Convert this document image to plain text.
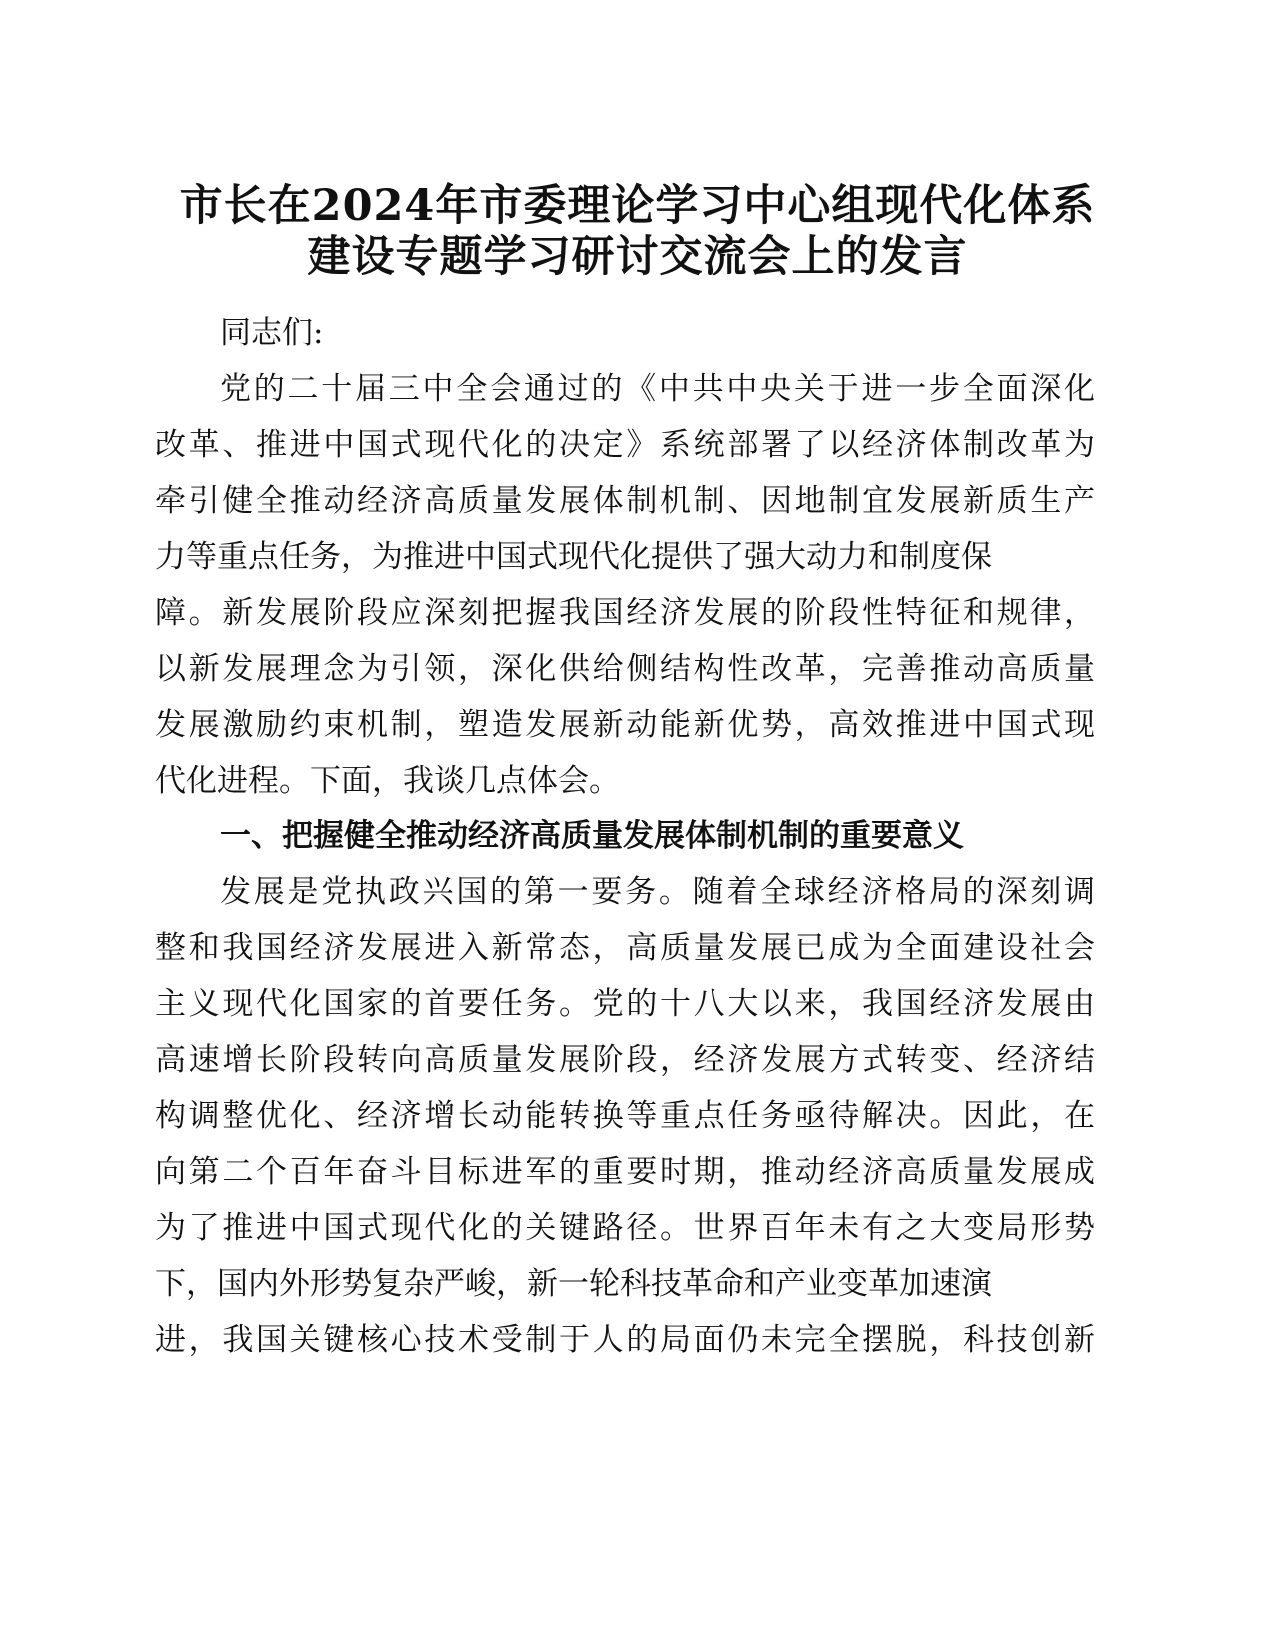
市长在2024年市委理论学习中心组现代化体系
建设专题学习研讨交流会上的发言
同志们:
党的二十届三中全会通过的《中共中央关于进一步全面深化
改革、推进中国式现代化的决定》系统部署了以经济体制改革为
牵引健全推动经济高质量发展体制机制、因地制宜发展新质生产
力等重点任务，为推进中国式现代化提供了强大动力和制度保
障。新发展阶段应深刻把握我国经济发展的阶段性特征和规律，
以新发展理念为引领，深化供给侧结构性改革，完善推动高质量
发展激励约束机制，塑造发展新动能新优势，高效推进中国式现
代化进程。下面，我谈几点体会。
一、把握健全推动经济高质量发展体制机制的重要意义
发展是党执政兴国的第一要务。随着全球经济格局的深刻调
整和我国经济发展进入新常态，高质量发展已成为全面建设社会
主义现代化国家的首要任务。党的十八大以来，我国经济发展由
高速增长阶段转向高质量发展阶段，经济发展方式转变、经济结
构调整优化、经济增长动能转换等重点任务亟待解决。因此，在
向第二个百年奋斗目标进军的重要时期，推动经济高质量发展成
为了推进中国式现代化的关键路径。世界百年未有之大变局形势
下，国内外形势复杂严峻，新一轮科技革命和产业变革加速演
进，我国关键核心技术受制于人的局面仍未完全摆脱，科技创新
